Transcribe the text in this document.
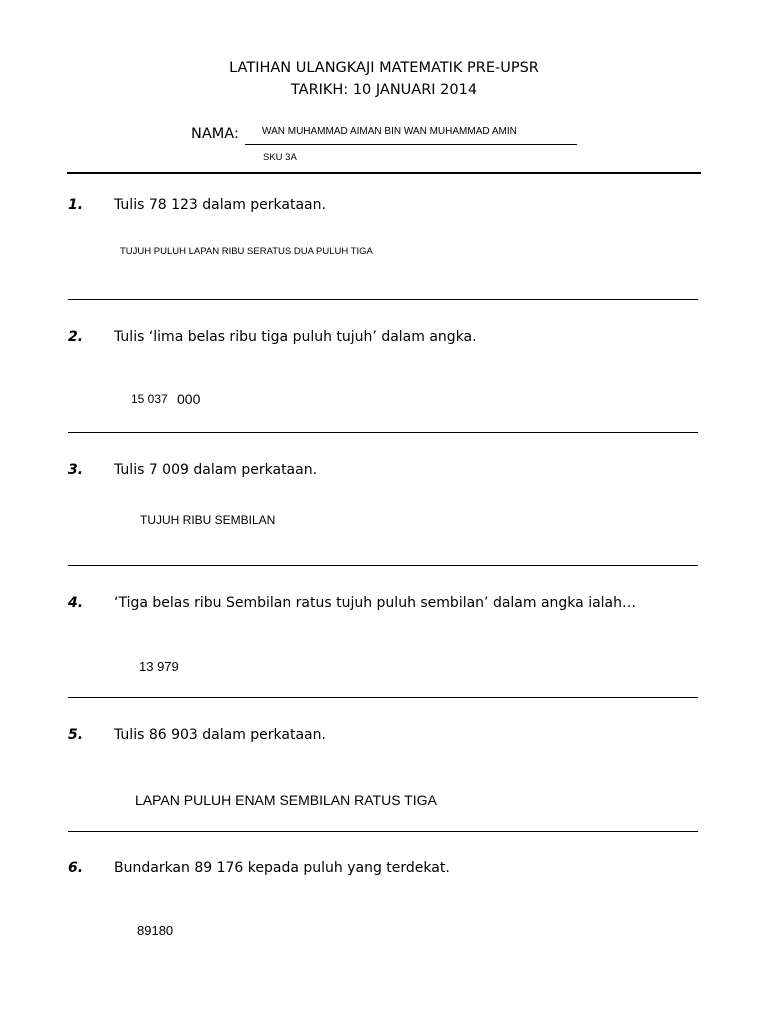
LATIHAN ULANGKAJI MATEMATIK PRE-UPSR
TARIKH: 10 JANUARI 2014
NAMA: WAN MUHAMMAD AIMAN BIN WAN MUHAMMAD AMIN
SKU 3A
1. Tulis 78 123 dalam perkataan.
TUJUH PULUH LAPAN RIBU SERATUS DUA PULUH TIGA
2. Tulis ‘lima belas ribu tiga puluh tujuh’ dalam angka.
15 037 000
3. Tulis 7 009 dalam perkataan.
TUJUH RIBU SEMBILAN
4. ‘Tiga belas ribu Sembilan ratus tujuh puluh sembilan’ dalam angka ialah…
13 979
5. Tulis 86 903 dalam perkataan.
LAPAN PULUH ENAM SEMBILAN RATUS TIGA
6. Bundarkan 89 176 kepada puluh yang terdekat.
89180
